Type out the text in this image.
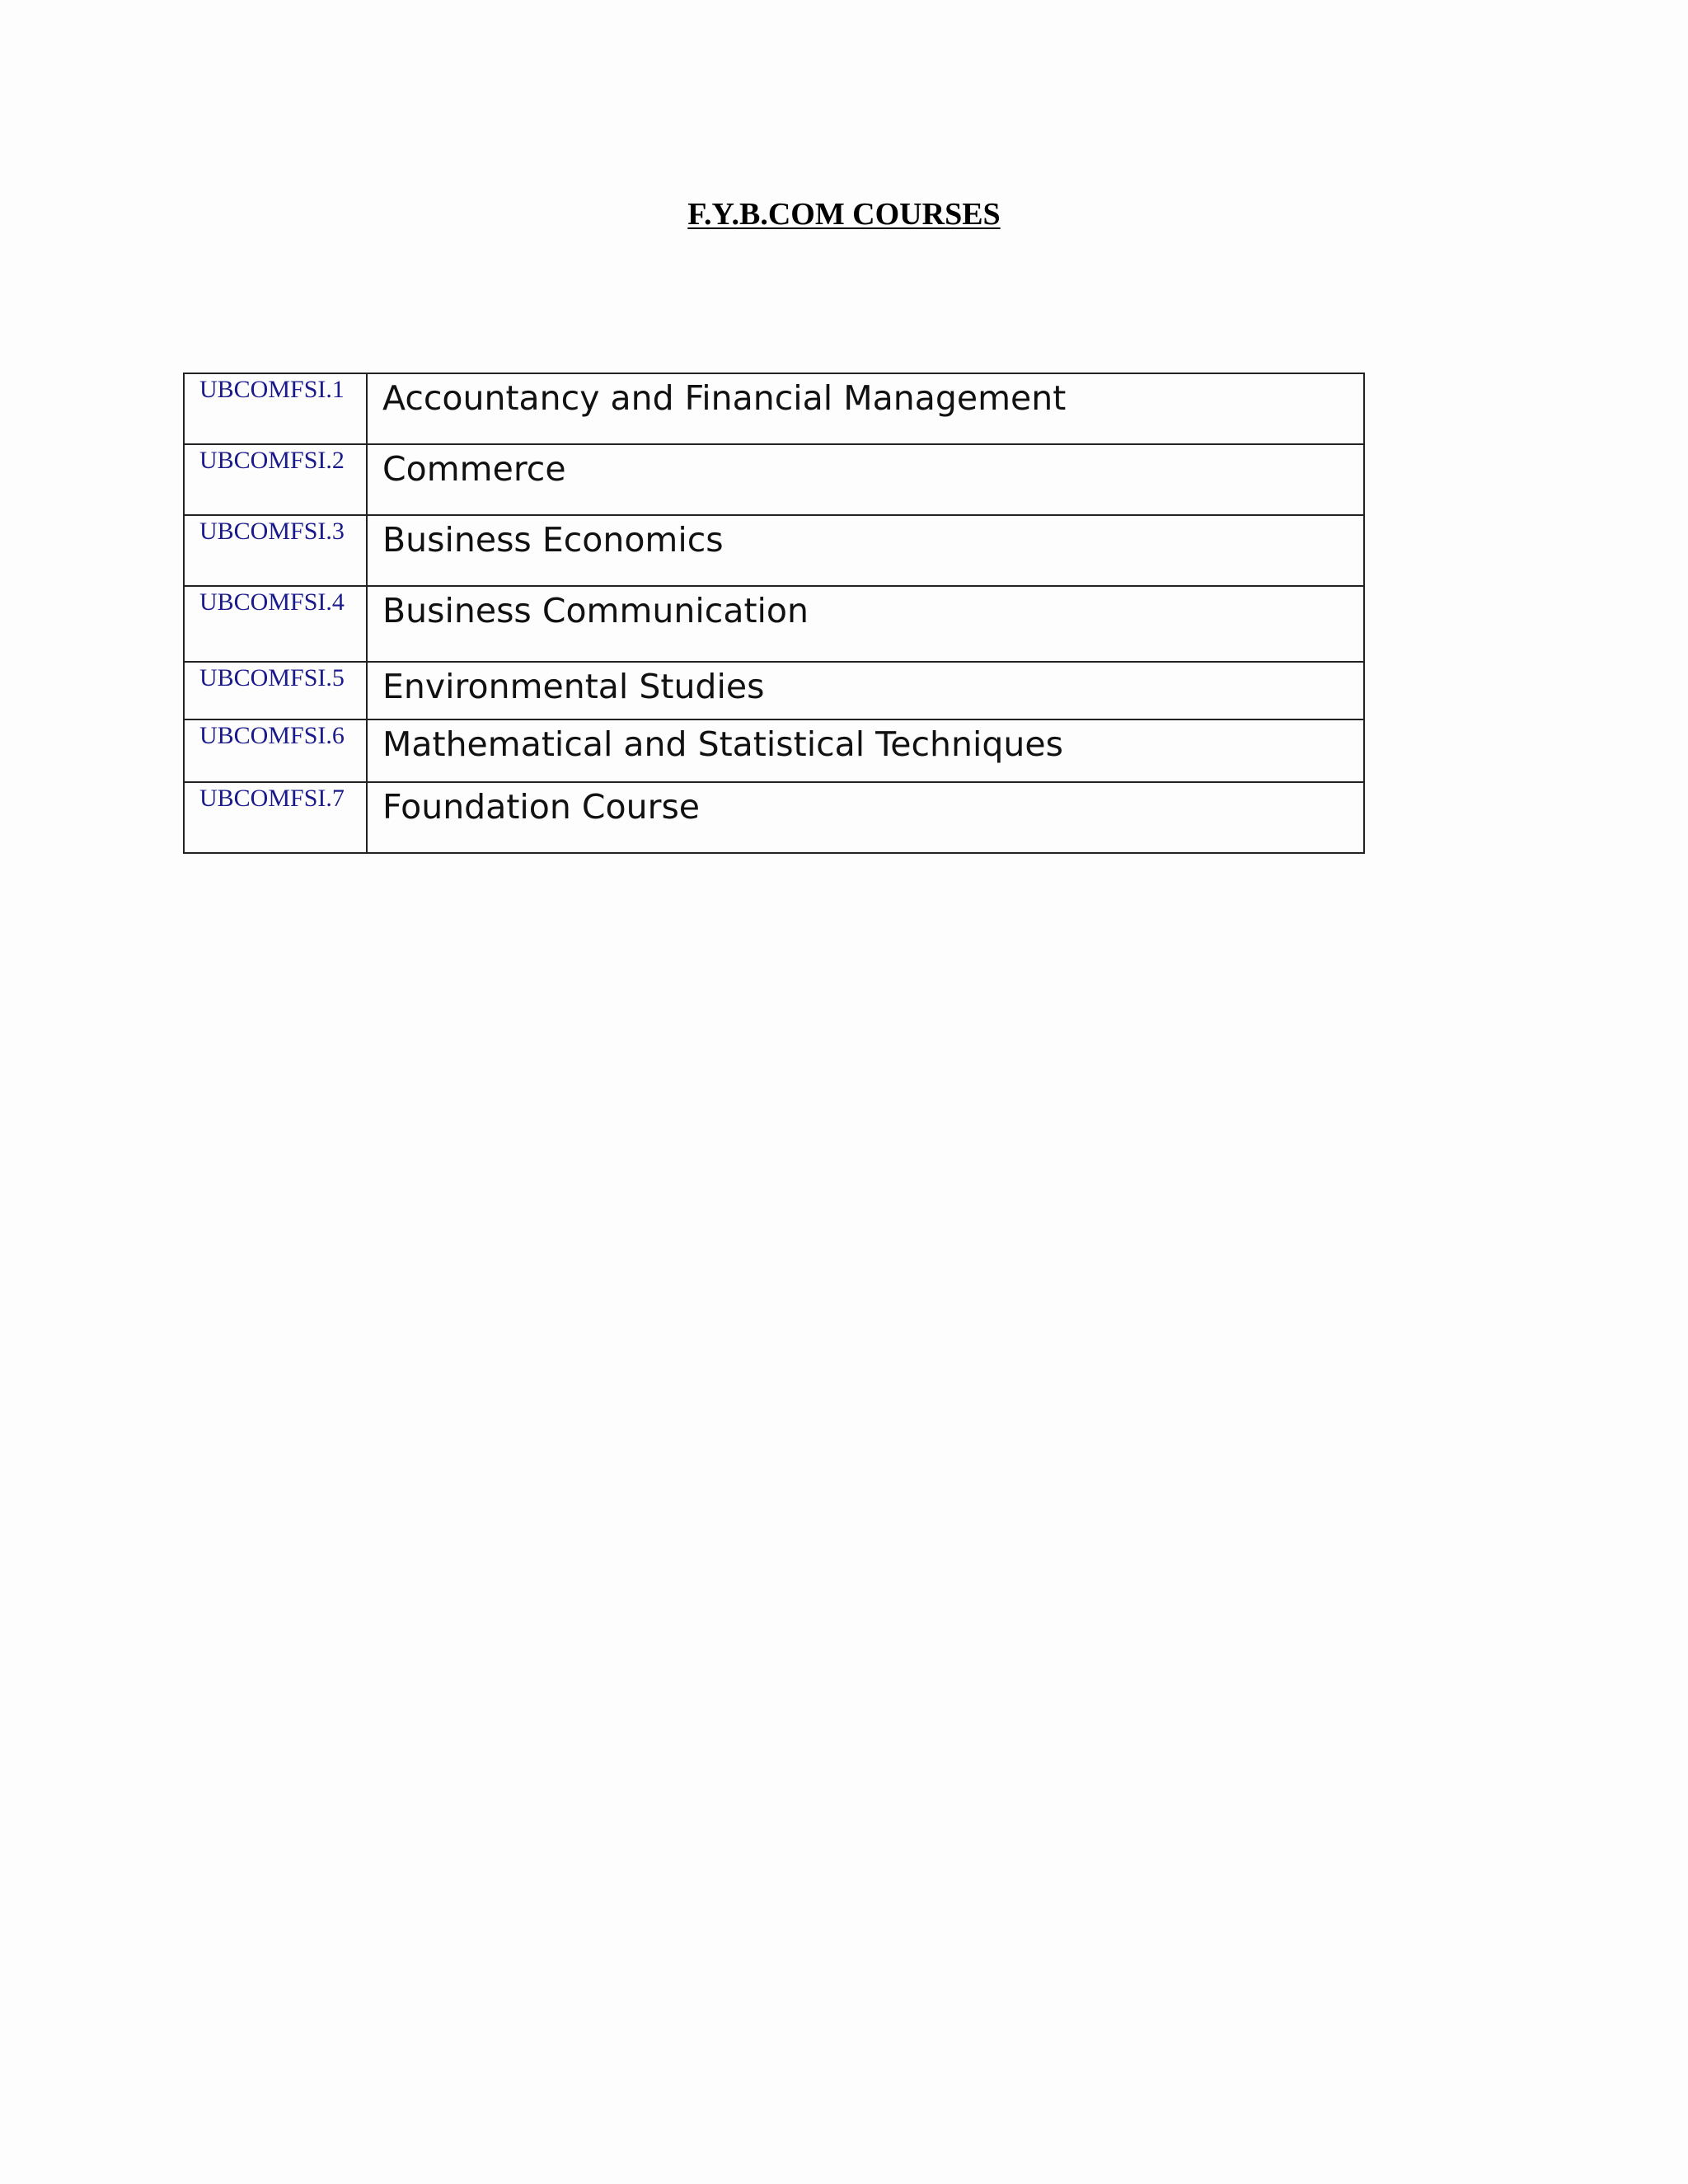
F.Y.B.COM COURSES
UBCOMFSI.1	Accountancy and Financial Management
UBCOMFSI.2	Commerce
UBCOMFSI.3	Business Economics
UBCOMFSI.4	Business Communication
UBCOMFSI.5	Environmental Studies
UBCOMFSI.6	Mathematical and Statistical Techniques
UBCOMFSI.7	Foundation Course
